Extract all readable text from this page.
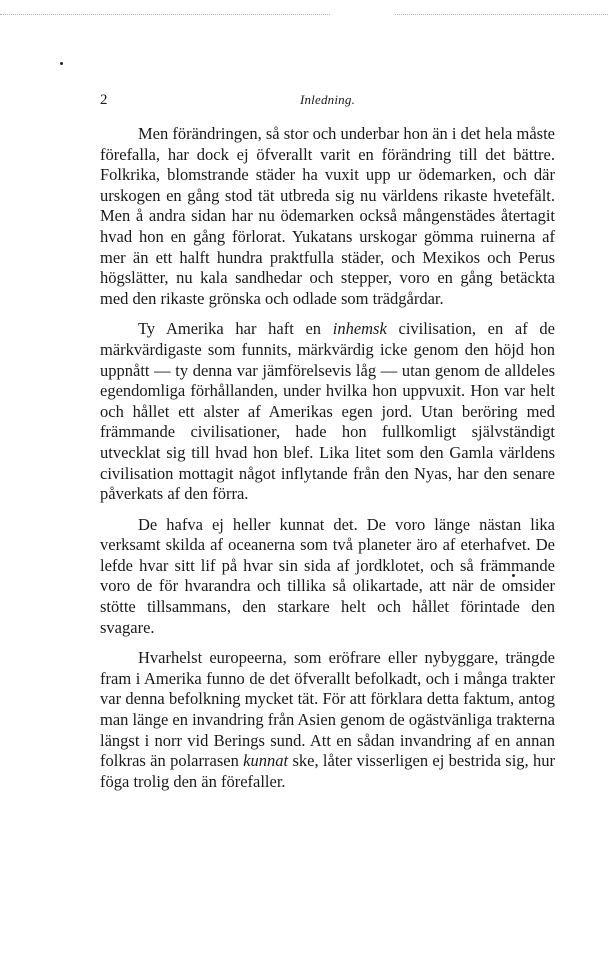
2	Inledning.

Men förändringen, så stor och underbar hon än i det hela måste förefalla, har dock ej öfverallt varit en förändring till det bättre. Folkrika, blomstrande städer ha vuxit upp ur ödemarken, och där urskogen en gång stod tät utbreda sig nu världens rikaste hvetefält. Men å andra sidan har nu ödemarken också mångenstädes återtagit hvad hon en gång förlorat. Yukatans urskogar gömma ruinerna af mer än ett halft hundra praktfulla städer, och Mexikos och Perus högslätter, nu kala sandhedar och stepper, voro en gång betäckta med den rikaste grönska och odlade som trädgårdar.

Ty Amerika har haft en inhemsk civilisation, en af de märkvärdigaste som funnits, märkvärdig icke genom den höjd hon uppnått — ty denna var jämförelsevis låg — utan genom de alldeles egendomliga förhållanden, under hvilka hon uppvuxit. Hon var helt och hållet ett alster af Amerikas egen jord. Utan beröring med främmande civilisationer, hade hon fullkomligt självständigt utvecklat sig till hvad hon blef. Lika litet som den Gamla världens civilisation mottagit något inflytande från den Nyas, har den senare påverkats af den förra.

De hafva ej heller kunnat det. De voro länge nästan lika verksamt skilda af oceanerna som två planeter äro af eterhafvet. De lefde hvar sitt lif på hvar sin sida af jordklotet, och så främmande voro de för hvarandra och tillika så olikartade, att när de omsider stötte tillsammans, den starkare helt och hållet förintade den svagare.

Hvarhelst europeerna, som eröfrare eller nybyggare, trängde fram i Amerika funno de det öfverallt befolkadt, och i många trakter var denna befolkning mycket tät. För att förklara detta faktum, antog man länge en invandring från Asien genom de ogästvänliga trakterna längst i norr vid Berings sund. Att en sådan invandring af en annan folkras än polarrasen kunnat ske, låter visserligen ej bestrida sig, hur föga trolig den än förefaller.
